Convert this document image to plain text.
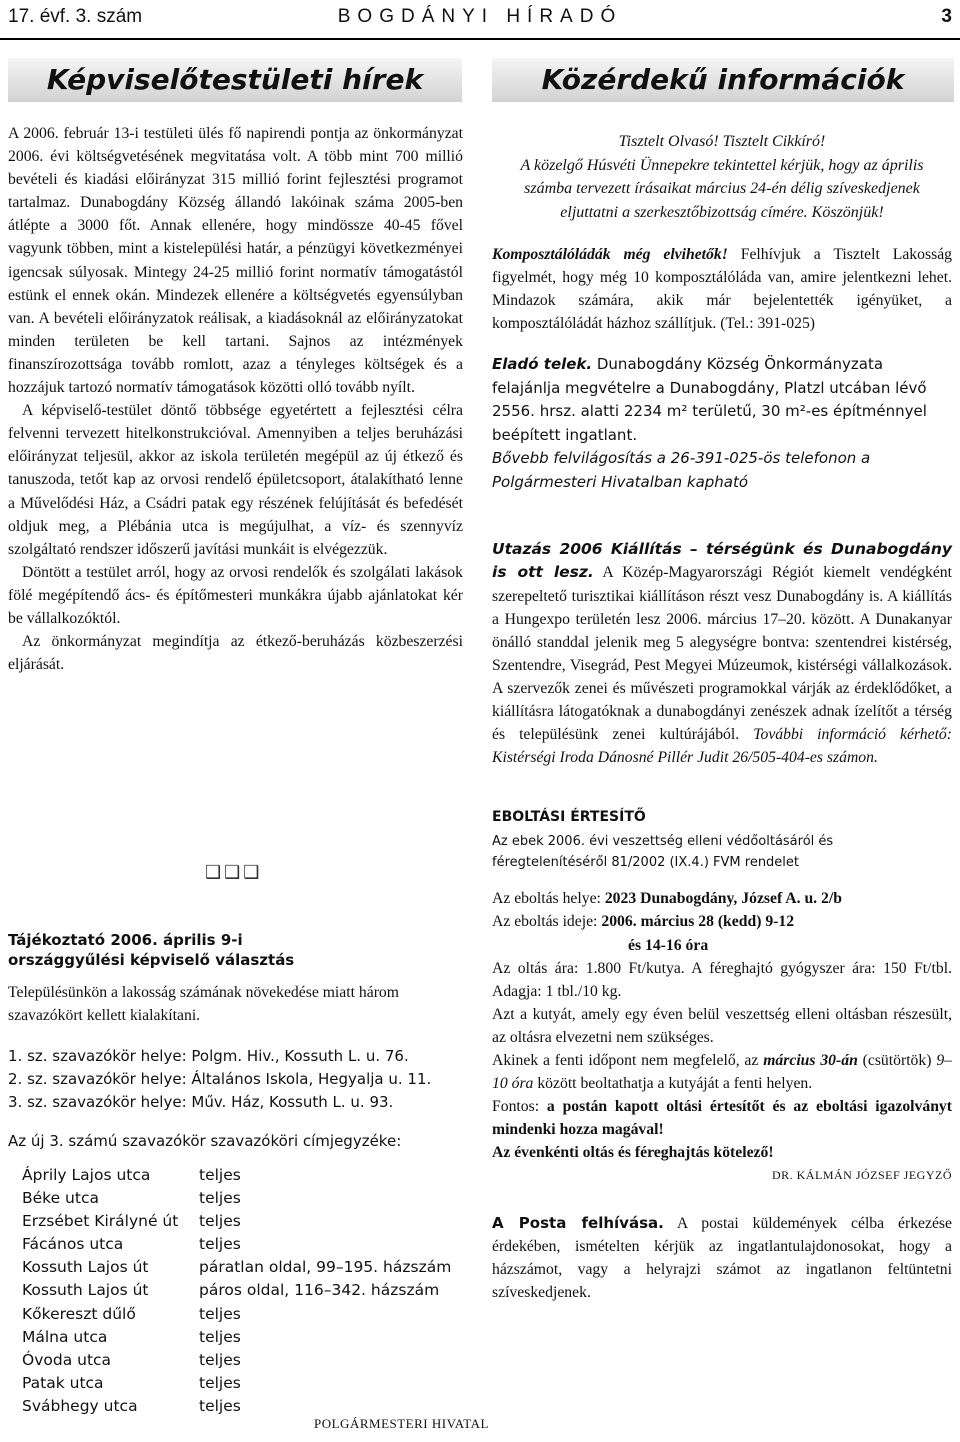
17. évf. 3. szám	BOGDÁNYI HÍRADÓ	3
Képviselőtestületi hírek	Közérdekű információk

A 2006. február 13-i testületi ülés fő napirendi pontja az önkormányzat 2006. évi költségvetésének megvitatása volt. A több mint 700 millió bevételi és kiadási előirányzat 315 millió forint fejlesztési programot tartalmaz. Dunabogdány Község állandó lakóinak száma 2005-ben átlépte a 3000 főt. Annak ellenére, hogy mindössze 40-45 fővel vagyunk többen, mint a kistelepülési határ, a pénzügyi következményei igencsak súlyosak. Mintegy 24-25 millió forint normatív támogatástól estünk el ennek okán. Mindezek ellenére a költségvetés egyensúlyban van. A bevételi előirányzatok reálisak, a kiadásoknál az előirányzatokat minden területen be kell tartani. Sajnos az intézmények finanszírozottsága tovább romlott, azaz a tényleges költségek és a hozzájuk tartozó normatív támogatások közötti olló tovább nyílt.

A képviselő-testület döntő többsége egyetértett a fejlesztési célra felvenni tervezett hitelkonstrukcióval. Amennyiben a teljes beruházási előirányzat teljesül, akkor az iskola területén megépül az új étkező és tanuszoda, tetőt kap az orvosi rendelő épületcsoport, átalakítható lenne a Művelődési Ház, a Csádri patak egy részének felújítását és befedését oldjuk meg, a Plébánia utca is megújulhat, a víz- és szennyvíz szolgáltató rendszer időszerű javítási munkáit is elvégezzük.

Döntött a testület arról, hogy az orvosi rendelők és szolgálati lakások fölé megépítendő ács- és építőmesteri munkákra újabb ajánlatokat kér be vállalkozóktól.

Az önkormányzat megindítja az étkező-beruházás közbeszerzési eljárását.

❑❑❑
Tájékoztató 2006. április 9-i
országgyűlési képviselő választás
Településünkön a lakosság számának növekedése miatt három szavazókört kellett kialakítani.
1. sz. szavazókör helye: Polgm. Hiv., Kossuth L. u. 76.
2. sz. szavazókör helye: Általános Iskola, Hegyalja u. 11.
3. sz. szavazókör helye: Műv. Ház, Kossuth L. u. 93.
Az új 3. számú szavazókör szavazóköri címjegyzéke:
Áprily Lajos utca	teljes
Béke utca	teljes
Erzsébet Királyné út teljes
Fácános utca	teljes
Kossuth Lajos út	páratlan oldal, 99–195. házszám
Kossuth Lajos út	páros oldal, 116–342. házszám
Kőkereszt dűlő	teljes
Málna utca	teljes
Óvoda utca	teljes
Patak utca	teljes
Svábhegy utca	teljes
POLGÁRMESTERI HIVATAL
Tisztelt Olvasó! Tisztelt Cikkíró!
A közelgő Húsvéti Ünnepekre tekintettel kérjük, hogy az április számba tervezett írásaikat március 24-én délig szíveskedjenek eljuttatni a szerkesztőbizottság címére. Köszönjük!
Komposztálóládák még elvihetők! Felhívjuk a Tisztelt Lakosság figyelmét, hogy még 10 komposztálóláda van, amire jelentkezni lehet. Mindazok számára, akik már bejelentették igényüket, a komposztálóládát házhoz szállítjuk. (Tel.: 391-025)
Eladó telek. Dunabogdány Község Önkormányzata felajánlja megvételre a Dunabogdány, Platzl utcában lévő 2556. hrsz. alatti 2234 m² területű, 30 m²-es építménnyel beépített ingatlant.
Bővebb felvilágosítás a 26-391-025-ös telefonon a Polgármesteri Hivatalban kapható
Utazás 2006 Kiállítás – térségünk és Dunabogdány is ott lesz. A Közép-Magyarországi Régiót kiemelt vendégként szerepeltető turisztikai kiállításon részt vesz Dunabogdány is. A kiállítás a Hungexpo területén lesz 2006. március 17–20. között. A Dunakanyar önálló standdal jelenik meg 5 alegységre bontva: szentendrei kistérség, Szentendre, Visegrád, Pest Megyei Múzeumok, kistérségi vállalkozások. A szervezők zenei és művészeti programokkal várják az érdeklődőket, a kiállításra látogatóknak a dunabogdányi zenészek adnak ízelítőt a térség és településünk zenei kultúrájából. További információ kérhető: Kistérségi Iroda Dánosné Pillér Judit 26/505-404-es számon.
EBOLTÁSI ÉRTESÍTŐ
Az ebek 2006. évi veszettség elleni védőoltásáról és féregtelenítéséről 81/2002 (IX.4.) FVM rendelet
Az eboltás helye: 2023 Dunabogdány, József A. u. 2/b
Az eboltás ideje: 2006. március 28 (kedd) 9-12
és 14-16 óra
Az oltás ára: 1.800 Ft/kutya. A féreghajtó gyógyszer ára: 150 Ft/tbl. Adagja: 1 tbl./10 kg.
Azt a kutyát, amely egy éven belül veszettség elleni oltásban részesült, az oltásra elvezetni nem szükséges.
Akinek a fenti időpont nem megfelelő, az március 30-án (csütörtök) 9–10 óra között beoltathatja a kutyáját a fenti helyen.
Fontos: a postán kapott oltási értesítőt és az eboltási igazolványt mindenki hozza magával!
Az évenkénti oltás és féreghajtás kötelező!
DR. KÁLMÁN JÓZSEF JEGYZŐ
A Posta felhívása. A postai küldemények célba érkezése érdekében, ismételten kérjük az ingatlantulajdonosokat, hogy a házszámot, vagy a helyrajzi számot az ingatlanon feltüntetni szíveskedjenek.
